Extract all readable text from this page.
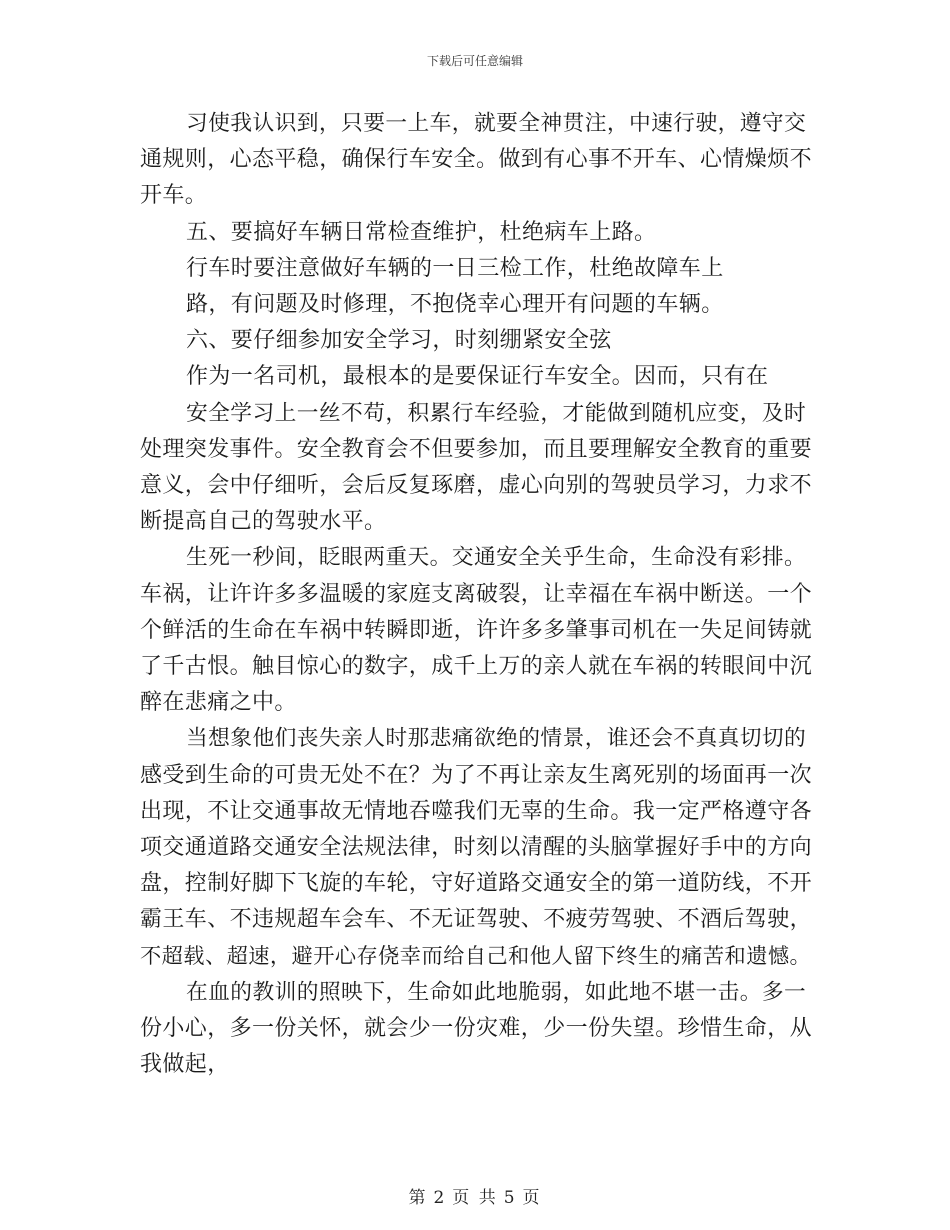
下载后可任意编辑

习使我认识到，只要一上车，就要全神贯注，中速行驶，遵守交

通规则，心态平稳，确保行车安全。做到有心事不开车、心情燥烦不

开车。

五、要搞好车辆日常检查维护，杜绝病车上路。

行车时要注意做好车辆的一日三检工作，杜绝故障车上

路，有问题及时修理，不抱侥幸心理开有问题的车辆。

六、要仔细参加安全学习，时刻绷紧安全弦

作为一名司机，最根本的是要保证行车安全。因而，只有在

安全学习上一丝不苟，积累行车经验，才能做到随机应变，及时

处理突发事件。安全教育会不但要参加，而且要理解安全教育的重要

意义，会中仔细听，会后反复琢磨，虚心向别的驾驶员学习，力求不

断提高自己的驾驶水平。

生死一秒间，眨眼两重天。交通安全关乎生命，生命没有彩排。

车祸，让许许多多温暖的家庭支离破裂，让幸福在车祸中断送。一个

个鲜活的生命在车祸中转瞬即逝，许许多多肇事司机在一失足间铸就

了千古恨。触目惊心的数字，成千上万的亲人就在车祸的转眼间中沉

醉在悲痛之中。

当想象他们丧失亲人时那悲痛欲绝的情景，谁还会不真真切切的

感受到生命的可贵无处不在？为了不再让亲友生离死别的场面再一次

出现，不让交通事故无情地吞噬我们无辜的生命。我一定严格遵守各

项交通道路交通安全法规法律，时刻以清醒的头脑掌握好手中的方向

盘，控制好脚下飞旋的车轮，守好道路交通安全的第一道防线，不开

霸王车、不违规超车会车、不无证驾驶、不疲劳驾驶、不酒后驾驶，

不超载、超速，避开心存侥幸而给自己和他人留下终生的痛苦和遗憾。

在血的教训的照映下，生命如此地脆弱，如此地不堪一击。多一

份小心，多一份关怀，就会少一份灾难，少一份失望。珍惜生命，从

我做起，

第 2 页 共 5 页
